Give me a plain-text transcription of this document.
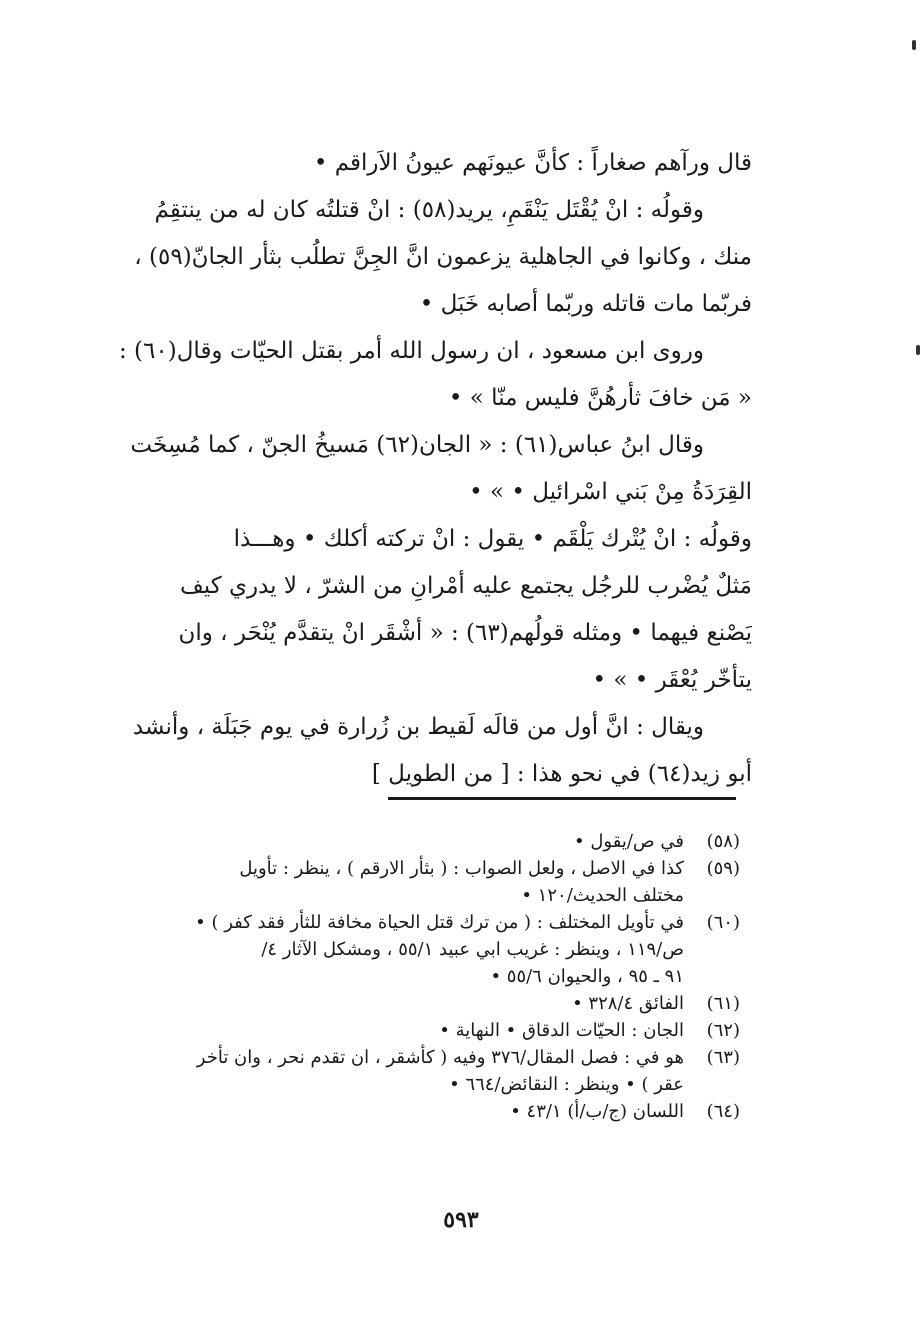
قال ورآهم صغاراً : كأنَّ عيونَهم عيونُ الاَراقم •
وقولُه : انْ يُقْتَل يَنْقَمِ، يريد(٥٨) : انْ قتلتُه كان له من ينتقِمُ
منك ، وكانوا في الجاهلية يزعمون انَّ الجِنَّ تطلُب بثأر الجانّ(٥٩) ،
فربّما مات قاتله وربّما أصابه خَبَل •
وروى ابن مسعود ، ان رسول الله أمر بقتل الحيّات وقال(٦٠) :
« مَن خافَ ثأرهُنَّ فليس منّا » •
وقال ابنُ عباس(٦١) : « الجان(٦٢) مَسيخُ الجنّ ، كما مُسِخَت
القِرَدَةُ مِنْ بَني اسْرائيل • » •
وقولُه : انْ يُتْرك يَلْقَم • يقول : انْ تركته أكلك • وهـــذا
مَثلٌ يُضْرب للرجُل يجتمع عليه أمْرانِ من الشرّ ، لا يدري كيف
يَصْنع فيهما • ومثله قولُهم(٦٣) : « أشْقَر انْ يتقدَّم يُنْحَر ، وان
يتأخّر يُعْقَر • » •
ويقال : انَّ أول من قالَه لَقيط بن زُرارة في يوم جَبَلَة ، وأنشد
أبو زيد(٦٤) في نحو هذا : [ من الطويل ]
(٥٨)
في ص/يقول •
(٥٩)
كذا في الاصل ، ولعل الصواب : ( بثأر الارقم ) ، ينظر : تأويل
مختلف الحديث/١٢٠ •
(٦٠)
في تأويل المختلف : ( من ترك قتل الحياة مخافة للثأر فقد كفر ) •
ص/١١٩ ، وينظر : غريب ابي عبيد ٥٥/١ ، ومشكل الآثار ٤/
٩١ ـ ٩٥ ، والحيوان ٥٥/٦ •
(٦١)
الفائق ٣٢٨/٤ •
(٦٢)
الجان : الحيّات الدقاق • النهاية •
(٦٣)
هو في : فصل المقال/٣٧٦ وفيه ( كأشقر ، ان تقدم نحر ، وان تأخر
عقر ) • وينظر : النقائض/٦٦٤ •
(٦٤)
اللسان (ج/ب/أ) ٤٣/١ •
٥٩٣
